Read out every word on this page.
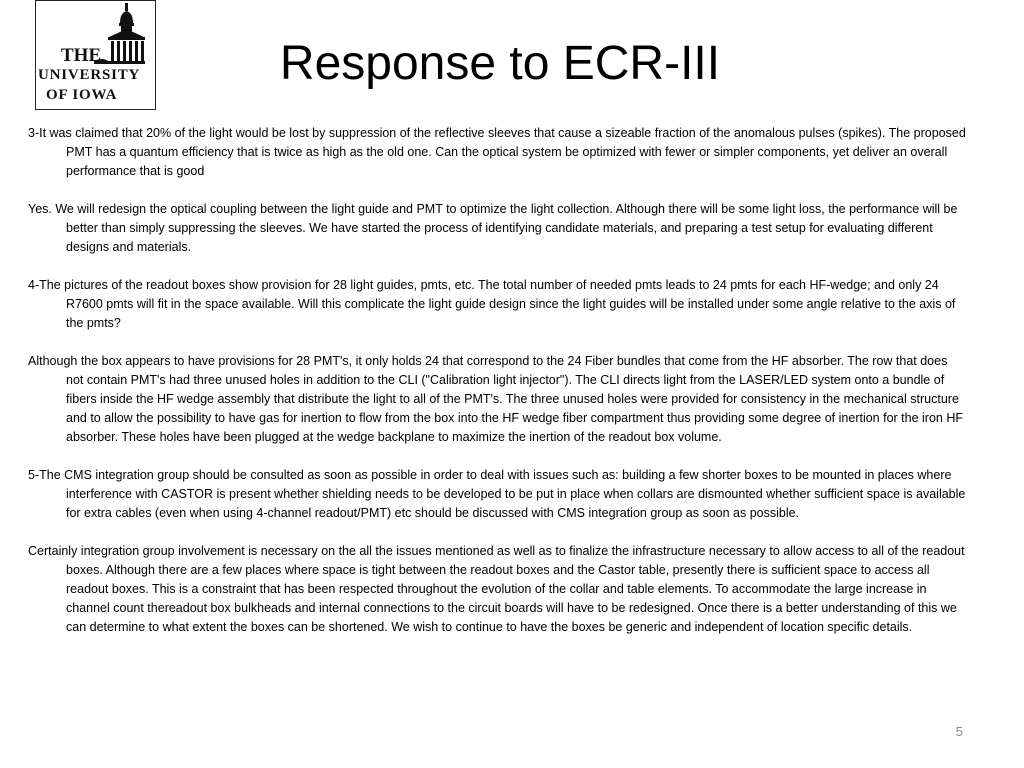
THE
UNIVERSITY
OF IOWA
Response to ECR-III

3-It was claimed that 20% of the light would be lost by suppression of the reflective sleeves that cause a sizeable fraction of the anomalous pulses (spikes). The proposed PMT has a quantum efficiency that is twice as high as the old one. Can the optical system be optimized with fewer or simpler components, yet deliver an overall performance that is good

Yes. We will redesign the optical coupling between the light guide and PMT to optimize the light collection. Although there will be some light loss, the performance will be better than simply suppressing the sleeves. We have started the process of identifying candidate materials, and preparing a test setup for evaluating different designs and materials.

4-The pictures of the readout boxes show provision for 28 light guides, pmts, etc. The total number of needed pmts leads to 24 pmts for each HF-wedge; and only 24 R7600 pmts will fit in the space available. Will this complicate the light guide design since the light guides will be installed under some angle relative to the axis of the pmts?

Although the box appears to have provisions for 28 PMT's, it only holds 24 that correspond to the 24 Fiber bundles that come from the HF absorber. The row that does not contain PMT's had three unused holes in addition to the CLI ("Calibration light injector"). The CLI directs light from the LASER/LED system onto a bundle of fibers inside the HF wedge assembly that distribute the light to all of the PMT's. The three unused holes were provided for consistency in the mechanical structure and to allow the possibility to have gas for inertion to flow from the box into the HF wedge fiber compartment thus providing some degree of inertion for the iron HF absorber. These holes have been plugged at the wedge backplane to maximize the inertion of the readout box volume.

5-The CMS integration group should be consulted as soon as possible in order to deal with issues such as: building a few shorter boxes to be mounted in places where interference with CASTOR is present whether shielding needs to be developed to be put in place when collars are dismounted whether sufficient space is available for extra cables (even when using 4-channel readout/PMT) etc should be discussed with CMS integration group as soon as possible.

Certainly integration group involvement is necessary on the all the issues mentioned as well as to finalize the infrastructure necessary to allow access to all of the readout boxes. Although there are a few places where space is tight between the readout boxes and the Castor table, presently there is sufficient space to access all readout boxes. This is a constraint that has been respected throughout the evolution of the collar and table elements. To accommodate the large increase in channel count thereadout box bulkheads and internal connections to the circuit boards will have to be redesigned. Once there is a better understanding of this we can determine to what extent the boxes can be shortened. We wish to continue to have the boxes be generic and independent of location specific details.

5
